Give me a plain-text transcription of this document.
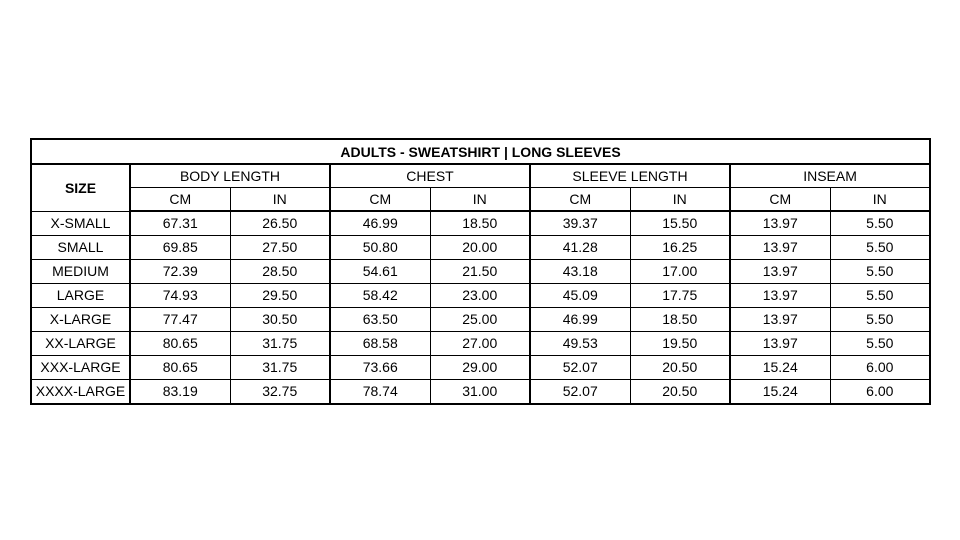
ADULTS - SWEATSHIRT | LONG SLEEVES								
SIZE	BODY LENGTH		CHEST		SLEEVE LENGTH		INSEAM	
	CM	IN	CM	IN	CM	IN	CM	IN
X-SMALL	67.31	26.50	46.99	18.50	39.37	15.50	13.97	5.50
SMALL	69.85	27.50	50.80	20.00	41.28	16.25	13.97	5.50
MEDIUM	72.39	28.50	54.61	21.50	43.18	17.00	13.97	5.50
LARGE	74.93	29.50	58.42	23.00	45.09	17.75	13.97	5.50
X-LARGE	77.47	30.50	63.50	25.00	46.99	18.50	13.97	5.50
XX-LARGE	80.65	31.75	68.58	27.00	49.53	19.50	13.97	5.50
XXX-LARGE	80.65	31.75	73.66	29.00	52.07	20.50	15.24	6.00
XXXX-LARGE	83.19	32.75	78.74	31.00	52.07	20.50	15.24	6.00
